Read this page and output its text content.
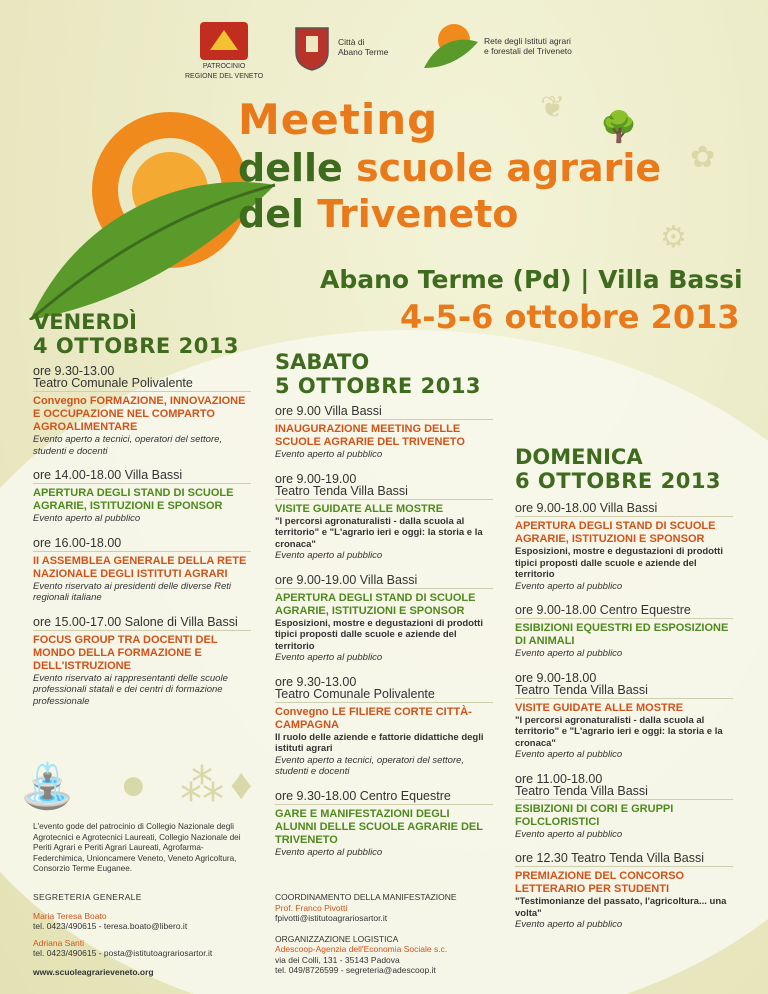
🌳
⚙
❦
✿
⛲ ● ⁂ ♦
PATROCINIO
REGIONE DEL VENETO
Città di
Abano Terme
Rete degli Istituti agrari
e forestali del Triveneto
Meeting
delle scuole agrarie
del Triveneto
Abano Terme (Pd) | Villa Bassi
4-5-6 ottobre 2013
VENERDÌ
4 OTTOBRE 2013
ore 9.30-13.00
Teatro Comunale Polivalente
Convegno FORMAZIONE, INNOVAZIONE E OCCUPAZIONE NEL COMPARTO AGROALIMENTARE
Evento aperto a tecnici, operatori del settore, studenti e docenti
ore 14.00-18.00 Villa Bassi
APERTURA DEGLI STAND DI SCUOLE AGRARIE, ISTITUZIONI E SPONSOR
Evento aperto al pubblico
ore 16.00-18.00
II ASSEMBLEA GENERALE DELLA RETE NAZIONALE DEGLI ISTITUTI AGRARI
Evento riservato ai presidenti delle diverse Reti regionali italiane
ore 15.00-17.00 Salone di Villa Bassi
FOCUS GROUP TRA DOCENTI DEL MONDO DELLA FORMAZIONE E DELL'ISTRUZIONE
Evento riservato ai rappresentanti delle scuole professionali statali e dei centri di formazione professionale
SABATO
5 OTTOBRE 2013
ore 9.00 Villa Bassi
INAUGURAZIONE MEETING DELLE SCUOLE AGRARIE DEL TRIVENETO
Evento aperto al pubblico
ore 9.00-19.00
Teatro Tenda Villa Bassi
VISITE GUIDATE ALLE MOSTRE
"I percorsi agronaturalisti - dalla scuola al territorio" e "L'agrario ieri e oggi: la storia e la cronaca"
Evento aperto al pubblico
ore 9.00-19.00 Villa Bassi
APERTURA DEGLI STAND DI SCUOLE AGRARIE, ISTITUZIONI E SPONSOR
Esposizioni, mostre e degustazioni di prodotti tipici proposti dalle scuole e aziende del territorio
Evento aperto al pubblico
ore 9.30-13.00
Teatro Comunale Polivalente
Convegno LE FILIERE CORTE CITTÀ-CAMPAGNA
Il ruolo delle aziende e fattorie didattiche degli istituti agrari
Evento aperto a tecnici, operatori del settore, studenti e docenti
ore 9.30-18.00 Centro Equestre
GARE E MANIFESTAZIONI DEGLI ALUNNI DELLE SCUOLE AGRARIE DEL TRIVENETO
Evento aperto al pubblico
DOMENICA
6 OTTOBRE 2013
ore 9.00-18.00 Villa Bassi
APERTURA DEGLI STAND DI SCUOLE AGRARIE, ISTITUZIONI E SPONSOR
Esposizioni, mostre e degustazioni di prodotti tipici proposti dalle scuole e aziende del territorio
Evento aperto al pubblico
ore 9.00-18.00 Centro Equestre
ESIBIZIONI EQUESTRI ED ESPOSIZIONE DI ANIMALI
Evento aperto al pubblico
ore 9.00-18.00
Teatro Tenda Villa Bassi
VISITE GUIDATE ALLE MOSTRE
"I percorsi agronaturalisti - dalla scuola al territorio" e "L'agrario ieri e oggi: la storia e la cronaca"
Evento aperto al pubblico
ore 11.00-18.00
Teatro Tenda Villa Bassi
ESIBIZIONI DI CORI E GRUPPI FOLCLORISTICI
Evento aperto al pubblico
ore 12.30 Teatro Tenda Villa Bassi
PREMIAZIONE DEL CONCORSO LETTERARIO PER STUDENTI
"Testimonianze del passato, l'agricoltura... una volta"
Evento aperto al pubblico
L'evento gode del patrocinio di Collegio Nazionale degli Agrotecnici e Agrotecnici Laureati, Collegio Nazionale dei Periti Agrari e Periti Agrari Laureati, Agrofarma-Federchimica, Unioncamere Veneto, Veneto Agricoltura, Consorzio Terme Euganee.
SEGRETERIA GENERALE
Maria Teresa Boato
tel. 0423/490615 - teresa.boato@libero.it
Adriana Santi
tel. 0423/490615 - posta@istitutoagrariosartor.it
www.scuoleagrarieveneto.org
COORDINAMENTO DELLA MANIFESTAZIONE
Prof. Franco Pivotti
fpivotti@istitutoagrariosartor.it
ORGANIZZAZIONE LOGISTICA
Adescoop-Agenzia dell'Economia Sociale s.c.
via dei Colli, 131 - 35143 Padova
tel. 049/8726599 - segreteria@adescoop.it
